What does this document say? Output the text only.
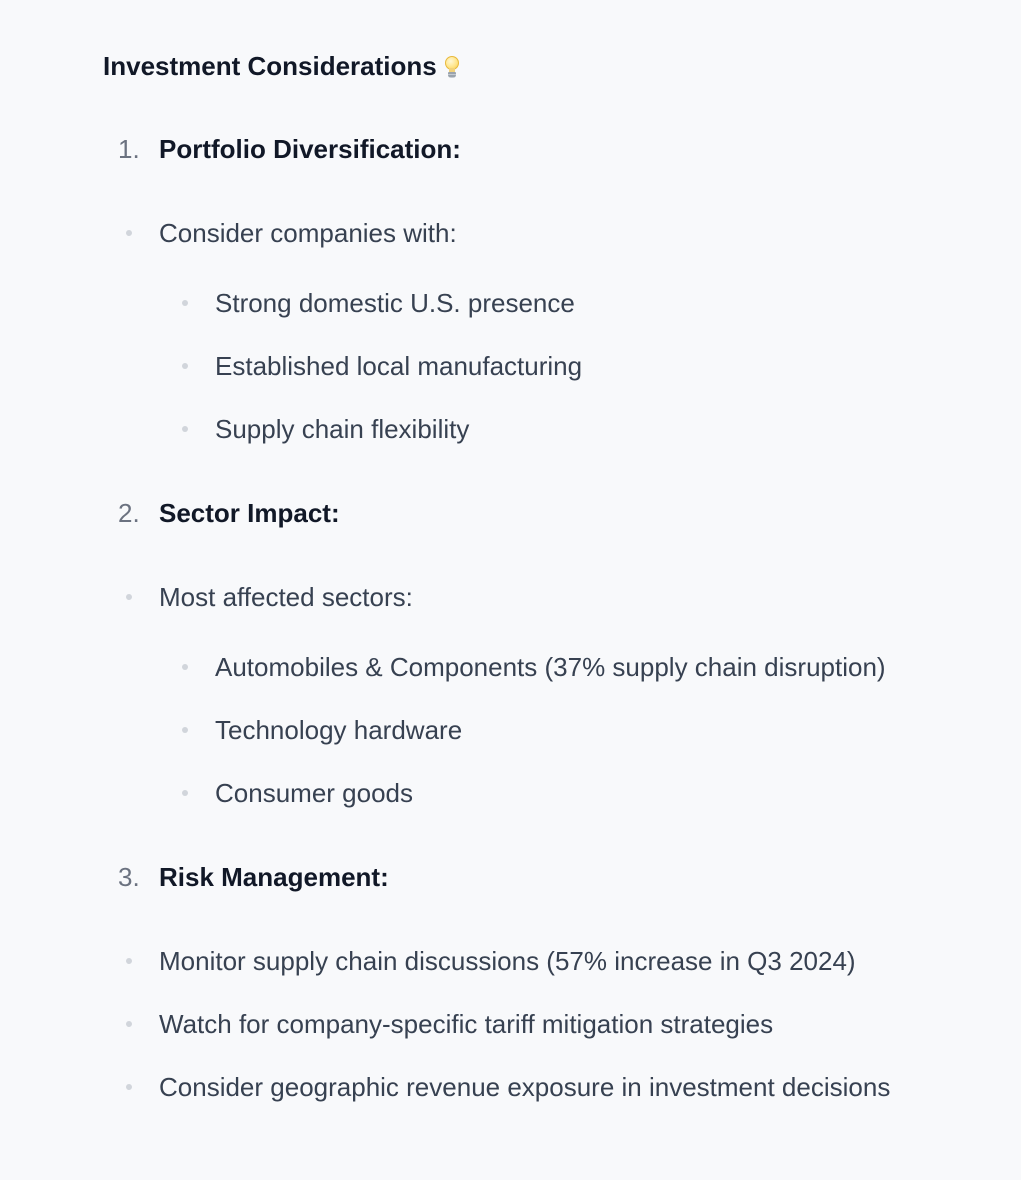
Investment Considerations
1. Portfolio Diversification:
Consider companies with:
Strong domestic U.S. presence
Established local manufacturing
Supply chain flexibility
2. Sector Impact:
Most affected sectors:
Automobiles & Components (37% supply chain disruption)
Technology hardware
Consumer goods
3. Risk Management:
Monitor supply chain discussions (57% increase in Q3 2024)
Watch for company-specific tariff mitigation strategies
Consider geographic revenue exposure in investment decisions
